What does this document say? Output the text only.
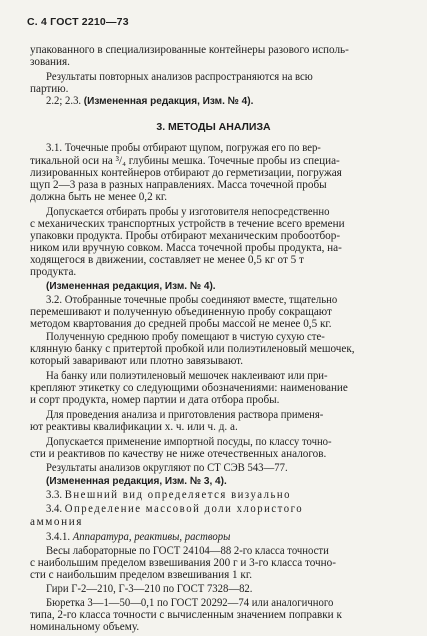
С. 4 ГОСТ 2210—73
упакованного в специализированные контейнеры разового исполь-
зования.
Результаты повторных анализов распространяются на всю
партию.
2.2; 2.3. (Измененная редакция, Изм. № 4).
3. МЕТОДЫ АНАЛИЗА
3.1. Точечные пробы отбирают щупом, погружая его по вер-
тикальной оси на ³/₄ глубины мешка. Точечные пробы из специа-
лизированных контейнеров отбирают до герметизации, погружая
щуп 2—3 раза в разных направлениях. Масса точечной пробы
должна быть не менее 0,2 кг.
Допускается отбирать пробы у изготовителя непосредственно
с механических транспортных устройств в течение всего времени
упаковки продукта. Пробы отбирают механическим пробоотбор-
ником или вручную совком. Масса точечной пробы продукта, на-
ходящегося в движении, составляет не менее 0,5 кг от 5 т
продукта.
(Измененная редакция, Изм. № 4).
3.2. Отобранные точечные пробы соединяют вместе, тщательно
перемешивают и полученную объединенную пробу сокращают
методом квартования до средней пробы массой не менее 0,5 кг.
Полученную среднюю пробу помещают в чистую сухую сте-
клянную банку с притертой пробкой или полиэтиленовый мешочек,
который заваривают или плотно завязывают.
На банку или полиэтиленовый мешочек наклеивают или при-
крепляют этикетку со следующими обозначениями: наименование
и сорт продукта, номер партии и дата отбора пробы.
Для проведения анализа и приготовления раствора применя-
ют реактивы квалификации х. ч. или ч. д. а.
Допускается применение импортной посуды, по классу точно-
сти и реактивов по качеству не ниже отечественных аналогов.
Результаты анализов округляют по СТ СЭВ 543—77.
(Измененная редакция, Изм. № 3, 4).
3.3. Внешний вид определяется визуально
3.4. Определение массовой доли хлористого
аммония
3.4.1. Аппаратура, реактивы, растворы
Весы лабораторные по ГОСТ 24104—88 2-го класса точности
с наибольшим пределом взвешивания 200 г и 3-го класса точно-
сти с наибольшим пределом взвешивания 1 кг.
Гири Г-2—210, Г-3—210 по ГОСТ 7328—82.
Бюретка 3—1—50—0,1 по ГОСТ 20292—74 или аналогичного
типа, 2-го класса точности с вычисленным значением поправки к
номинальному объему.
